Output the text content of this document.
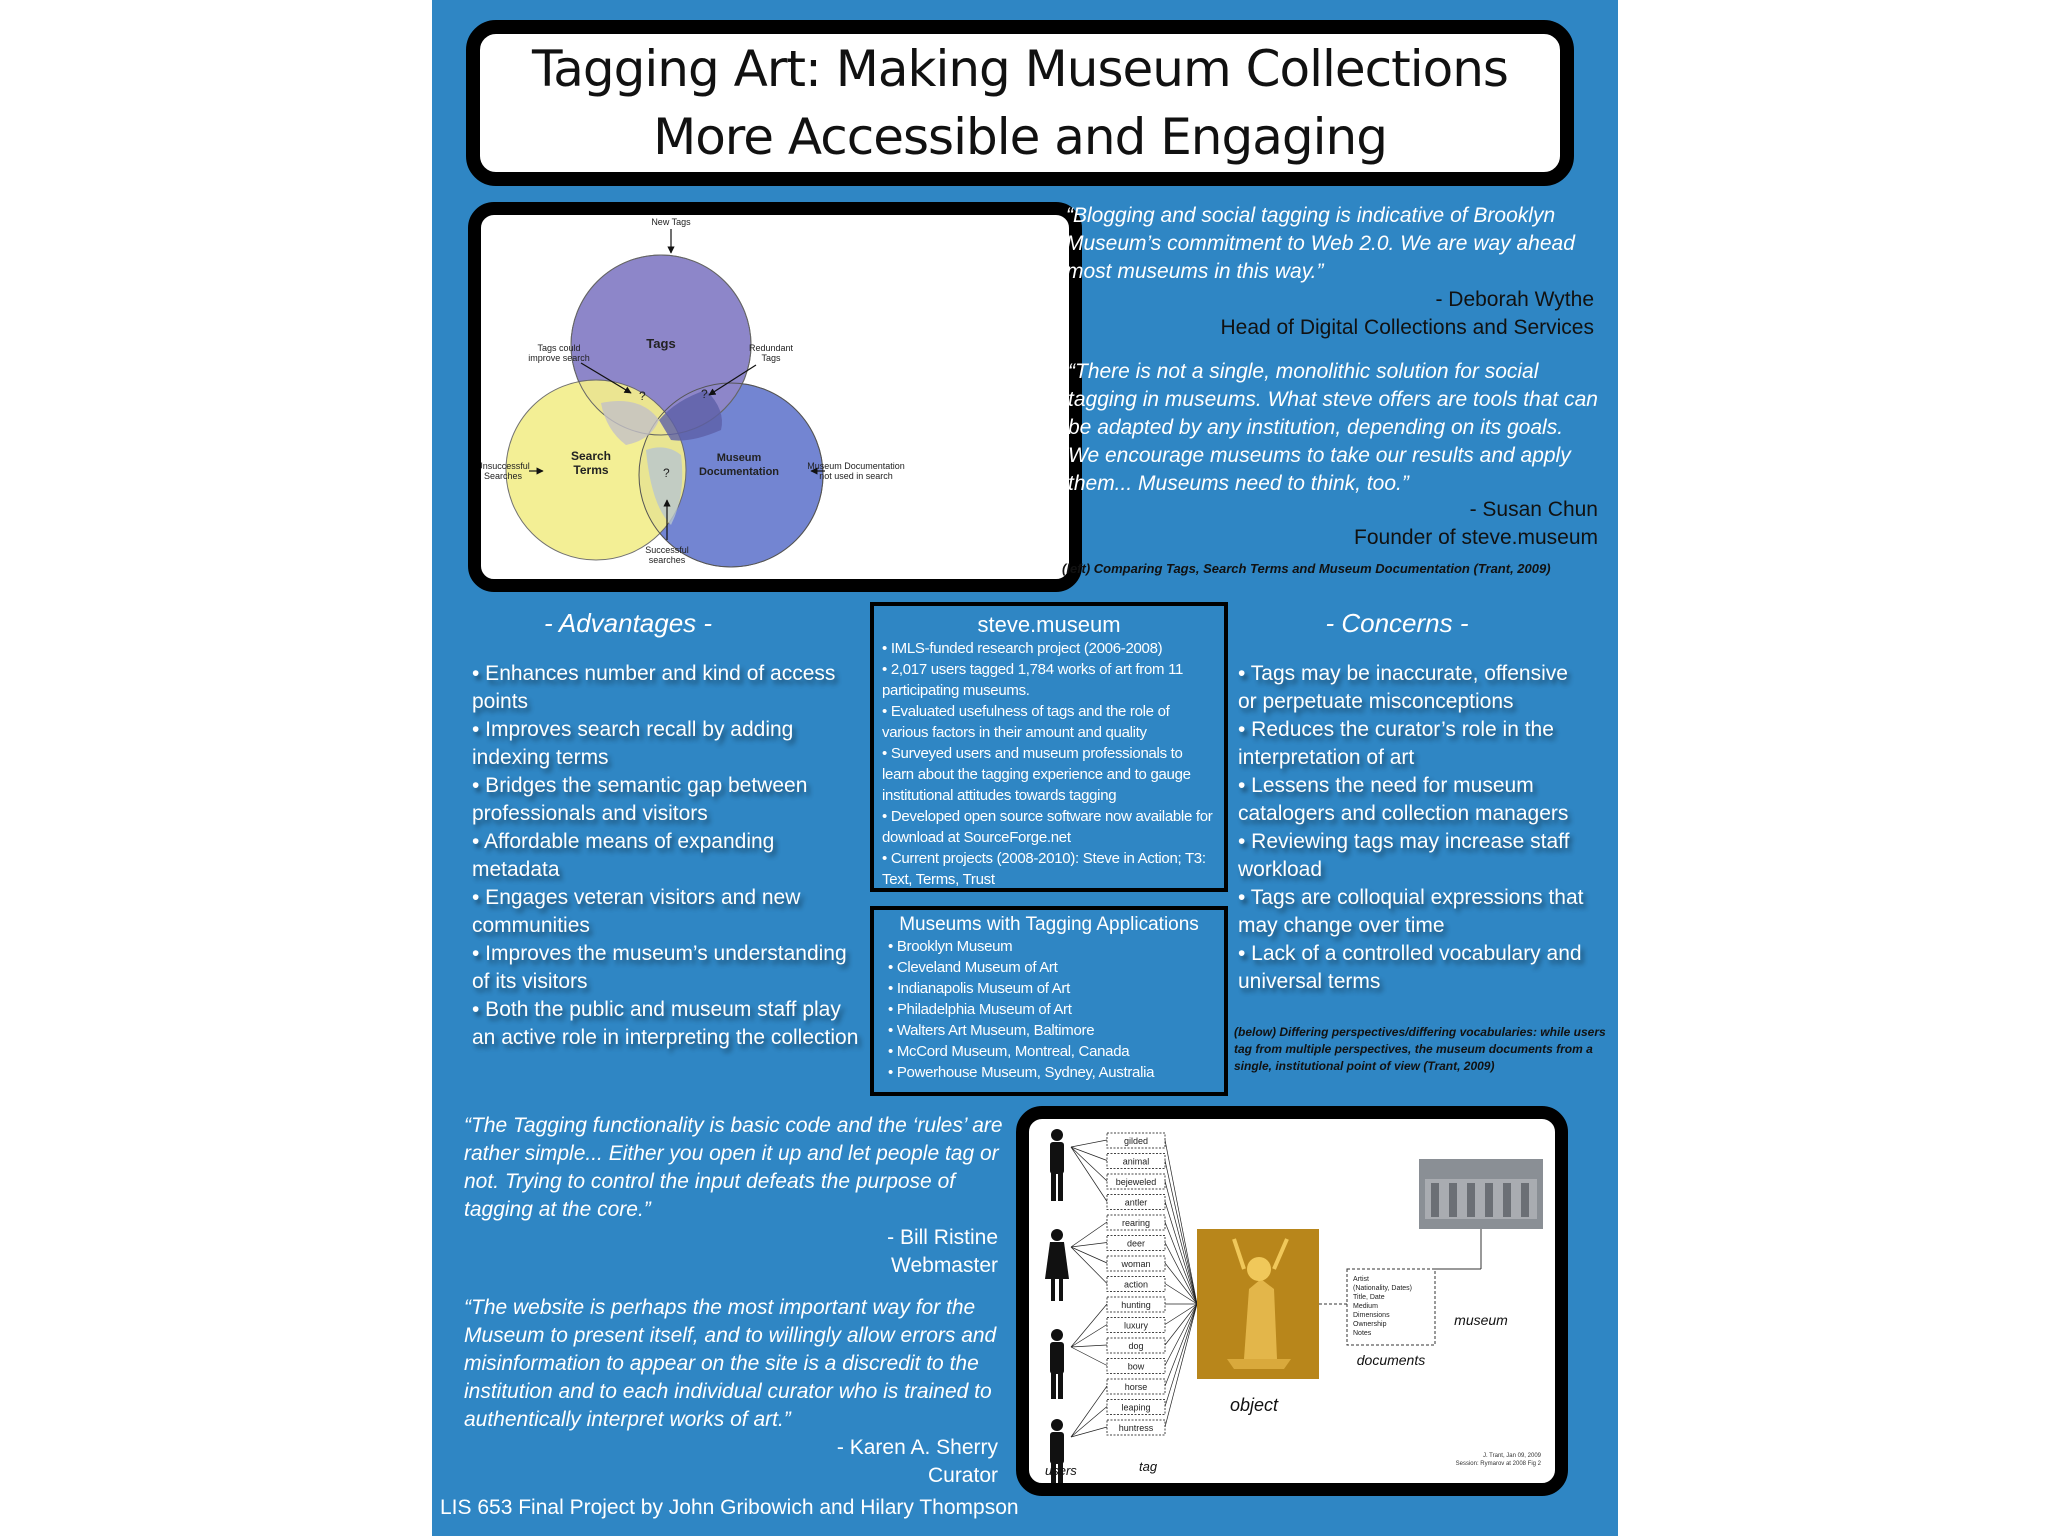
Tagging Art: Making Museum Collections
More Accessible and Engaging
Tags
Search
Terms
Museum
Documentation
?	?
?
New Tags
Tags could
improve search
Redundant
Tags
Unsuccessful
Searches
Museum Documentation
not used in search
Successful
searches
“Blogging and social tagging is indicative of Brooklyn Museum’s commitment to Web 2.0. We are way ahead most museums in this way.”
- Deborah Wythe
Head of Digital Collections and Services
“There is not a single, monolithic solution for social tagging in museums. What steve offers are tools that can be adapted by any institution, depending on its goals. We encourage museums to take our results and apply them... Museums need to think, too.”
- Susan Chun
Founder of steve.museum
(left) Comparing Tags, Search Terms and Museum Documentation (Trant, 2009)
- Advantages -
• Enhances number and kind of access points
• Improves search recall by adding indexing terms
• Bridges the semantic gap between professionals and visitors
• Affordable means of expanding metadata
• Engages veteran visitors and new communities
• Improves the museum’s understanding of its visitors
• Both the public and museum staff play an active role in interpreting the collection
steve.museum
• IMLS-funded research project (2006-2008)
• 2,017 users tagged 1,784 works of art from 11 participating museums.
• Evaluated usefulness of tags and the role of various factors in their amount and quality
• Surveyed users and museum professionals to learn about the tagging experience and to gauge institutional attitudes towards tagging
• Developed open source software now available for download at SourceForge.net
• Current projects (2008-2010): Steve in Action; T3: Text, Terms, Trust
Museums with Tagging Applications
• Brooklyn Museum
• Cleveland Museum of Art
• Indianapolis Museum of Art
• Philadelphia Museum of Art
• Walters Art Museum, Baltimore
• McCord Museum, Montreal, Canada
• Powerhouse Museum, Sydney, Australia
- Concerns -
• Tags may be inaccurate, offensive or perpetuate misconceptions
• Reduces the curator’s role in the interpretation of art
• Lessens the need for museum catalogers and collection managers
• Reviewing tags may increase staff workload
• Tags are colloquial expressions that may change over time
• Lack of a controlled vocabulary and universal terms
(below) Differing perspectives/differing vocabularies: while users tag from multiple perspectives, the museum documents from a single, institutional point of view (Trant, 2009)
“The Tagging functionality is basic code and the ‘rules’ are rather simple... Either you open it up and let people tag or not. Trying to control the input defeats the purpose of tagging at the core.”
- Bill Ristine
Webmaster
“The website is perhaps the most important way for the Museum to present itself, and to willingly allow errors and misinformation to appear on the site is a discredit to the institution and to each individual curator who is trained to authentically interpret works of art.”
- Karen A. Sherry
Curator
gilded
animal
bejeweled
antler
rearing
deer
woman
action
hunting
luxury
dog
bow
horse
leaping
huntress
object
Artist
(Nationality, Dates)
Title, Date
Medium
Dimensions
Ownership
Notes
documents
museum
users	tag
J. Trant, Jan 09, 2009
Session: Rymarov at 2008 Fig 2
LIS 653 Final Project by John Gribowich and Hilary Thompson
